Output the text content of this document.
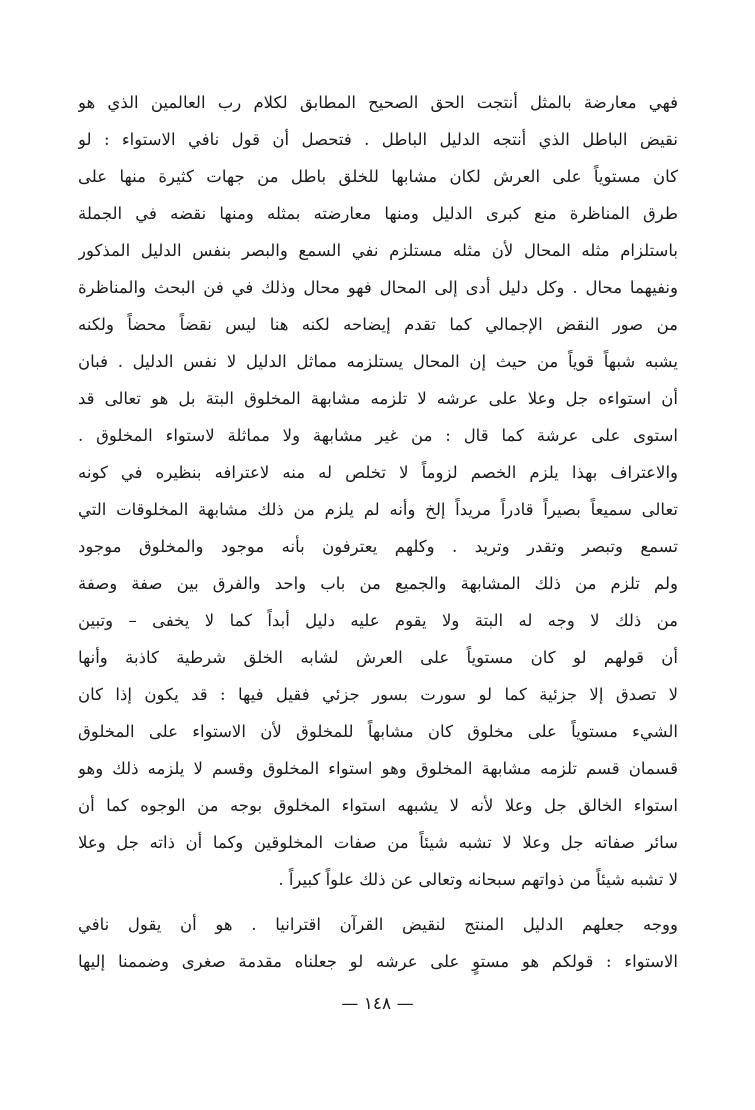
فهي معارضة بالمثل أنتجت الحق الصحيح المطابق لكلام رب العالمين الذي هو
نقيض الباطل الذي أنتجه الدليل الباطل . فتحصل أن قول نافي الاستواء : لو
كان مستوياً على العرش لكان مشابها للخلق باطل من جهات كثيرة منها على
طرق المناظرة منع كبرى الدليل ومنها معارضته بمثله ومنها نقضه في الجملة
باستلزام مثله المحال لأن مثله مستلزم نفي السمع والبصر بنفس الدليل المذكور
ونفيهما محال . وكل دليل أدى إلى المحال فهو محال وذلك في فن البحث والمناظرة
من صور النقض الإجمالي كما تقدم إيضاحه لكنه هنا ليس نقضاً محضاً ولكنه
يشبه شبهاً قوياً من حيث إن المحال يستلزمه مماثل الدليل لا نفس الدليل . فبان
أن استواءه جل وعلا على عرشه لا تلزمه مشابهة المخلوق البتة بل هو تعالى قد
استوى على عرشة كما قال : من غير مشابهة ولا مماثلة لاستواء المخلوق .
والاعتراف بهذا يلزم الخصم لزوماً لا تخلص له منه لاعترافه بنظيره في كونه
تعالى سميعاً بصيراً قادراً مريداً إلخ وأنه لم يلزم من ذلك مشابهة المخلوقات التي
تسمع وتبصر وتقدر وتريد . وكلهم يعترفون بأنه موجود والمخلوق موجود
ولم تلزم من ذلك المشابهة والجميع من باب واحد والفرق بين صفة وصفة
من ذلك لا وجه له البتة ولا يقوم عليه دليل أبداً كما لا يخفى – وتبين
أن قولهم لو كان مستوياً على العرش لشابه الخلق شرطية كاذبة وأنها
لا تصدق إلا جزئية كما لو سورت بسور جزئي فقيل فيها : قد يكون إذا كان
الشيء مستوياً على مخلوق كان مشابهاً للمخلوق لأن الاستواء على المخلوق
قسمان قسم تلزمه مشابهة المخلوق وهو استواء المخلوق وقسم لا يلزمه ذلك وهو
استواء الخالق جل وعلا لأنه لا يشبهه استواء المخلوق بوجه من الوجوه كما أن
سائر صفاته جل وعلا لا تشبه شيئاً من صفات المخلوقين وكما أن ذاته جل وعلا
لا تشبه شيئاً من ذواتهم سبحانه وتعالى عن ذلك علواً كبيراً .
ووجه جعلهم الدليل المنتج لنقيض القرآن اقترانيا . هو أن يقول نافي
الاستواء : قولكم هو مستوٍ على عرشه لو جعلناه مقدمة صغرى وضممنا إليها
— ١٤٨ —
